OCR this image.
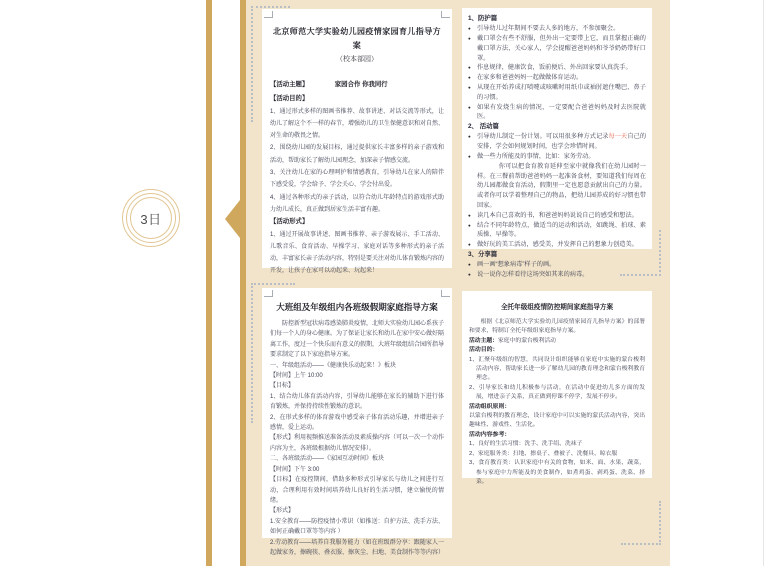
3日
北京师范大学实验幼儿园疫情家园育儿指导方案
（校本部园）
【活动主题】	家园合作 你我同行
【活动目的】

1、通过形式多样的图画书推荐、故事讲述、对话交流等形式，让幼儿了解这个不一样的春节，增强幼儿的卫生保健意识和对自然、对生命的敬畏之情。

2、围绕幼儿园的发展目标，通过提供家长丰富多样的亲子游戏和活动，帮助家长了解幼儿园理念，加深亲子情感交流。

3、关注幼儿在家的心理呵护和情感教育，引导幼儿在家人的陪伴下感受爱，学会给予、学会关心、学会付出爱。

4、通过各种形式的亲子活动，以符合幼儿年龄特点的游戏形式助力幼儿成长，真正做到居家生活丰富有趣。

【活动形式】

1、通过开展故事讲述、图画书推荐、亲子游戏展示、手工活动、儿歌音乐、食育活动、早操学习、家庭对话等多种形式的亲子活动，丰富家长亲子活动内容，特别是要关注对幼儿体育锻炼内容的开发，让孩子在家可以动起来、玩起来！

1、防护篇
● 引导幼儿过年期间不要去人多的地方，不参加聚会。
● 戴口罩会有些不舒服，但外出一定要带上它，而且掌握正确的戴口罩方法，关心家人，学会提醒爸爸妈妈和爷爷奶奶带好口罩。
● 作息规律，健康饮食，饭前便后、外出回家要认真洗手。
● 在家多和爸爸妈妈一起做做体育运动。
● 从现在开始养成打喷嚏或咳嗽时用纸巾或袖肘遮住嘴巴、鼻子的习惯。
● 如果有发烧生病的情况，一定要配合爸爸妈妈及时去医院就医。
2、 活动篇
● 引导幼儿制定一份计划。可以用很多种方式记录每一天自己的安排，学会如何规划时间，也学会珍惜时间。
● 做一些力所能及的事情，比如：家务劳动。

你可以把食育教育延伸至家中就像我们在幼儿园时一样。在三餐前帮助爸爸妈妈一起准备食材，要知道我们每周在幼儿园都做食育活动，假期里一定也愿意贡献出自己的力量。或者你可以学着整理自己的物品，把幼儿园养成的好习惯也带回家。

● 读几本自己喜欢的书，和爸爸妈妈说说自己的感受和想法。
● 结合不同年龄特点，做适当的运动和活动，如跳绳、拍球、素质操、早操等。
● 做好玩的美工活动，感受美，并发挥自己的想象力创造美。
3、分享篇
● 画一画“想象病毒”样子的画。
● 说一说你怎样看待这场突如其来的病毒。
大班组及年级组内各班级假期家庭指导方案

防控新型冠状病毒感染肺炎疫情，北师大实验幼儿园心系孩子们每一个人的身心健康。为了保证让家长和幼儿在家中安心做好隔离工作，度过一个快乐而有意义的假期，大班年级组结合园所指导要求制定了以下家庭指导方案。

一、年级组活动——《健康快乐动起来！》板块

【时间】上午 10:00

【目标】

1、结合幼儿体育活动内容，引导幼儿能够在家长的辅助下进行体育锻炼，并保持持续性锻炼的意识。

2、在形式多样的体育游戏中感受亲子体育活动乐趣，并增进亲子感情，爱上运动。

【形式】利用视频推送准备活动及素质操内容（可以一次一个动作内容为主，各班级根据幼儿情况安排）。

二、各班级活动——《家园互动时间》板块

【时间】下午 3:00

【目标】在疫控期间，借助多种形式引导家长与幼儿之间进行互动，合理利用有效时间培养幼儿良好的生活习惯，建立愉悦的情绪。

【形式】

1.安全教育——防控疫情小常识（如推送：自护方法、洗手方法、如何正确戴口罩等等内容 ）

2.劳动教育——培养自我服务能力（如在班级群分享：跟随家人一起做家务，擦碗筷、叠衣服、擦灰尘、扫地、美食制作等等内容）

全托年级组疫情防控期间家庭指导方案

根据《北京师范大学实验幼儿园疫情家园育儿指导方案》的部署和要求，特制订全托年级组家庭指导方案。

活动主题：家庭中的蒙台梭利活动

活动目的：

1、汇聚年级组的智慧，共同设计组织能够在家庭中实施的蒙台梭利活动内容，帮助家长进一步了解幼儿园的教育理念和蒙台梭利教育理念。

2、引导家长和幼儿积极参与活动，在活动中促进幼儿多方面的发展，增进亲子关系，真正做到停课不停学，发展不停步。

活动组织原则：

以蒙台梭利的教育理念，设计家庭中可以实施的蒙氏活动内容，突出趣味性、游戏性、生活化。

活动内容参考：

1、良好的生活习惯：洗手、洗手绢、洗袜子

2、家庭服务类：扫地、擦桌子、叠被子、洗餐具、晾衣服

3、食育教育类：认识家庭中有关的食物，如米、面、水果、蔬菜，参与家庭中力所能及的美食制作，如煮鸡蛋、剥鸡蛋、洗菜、择菜。
